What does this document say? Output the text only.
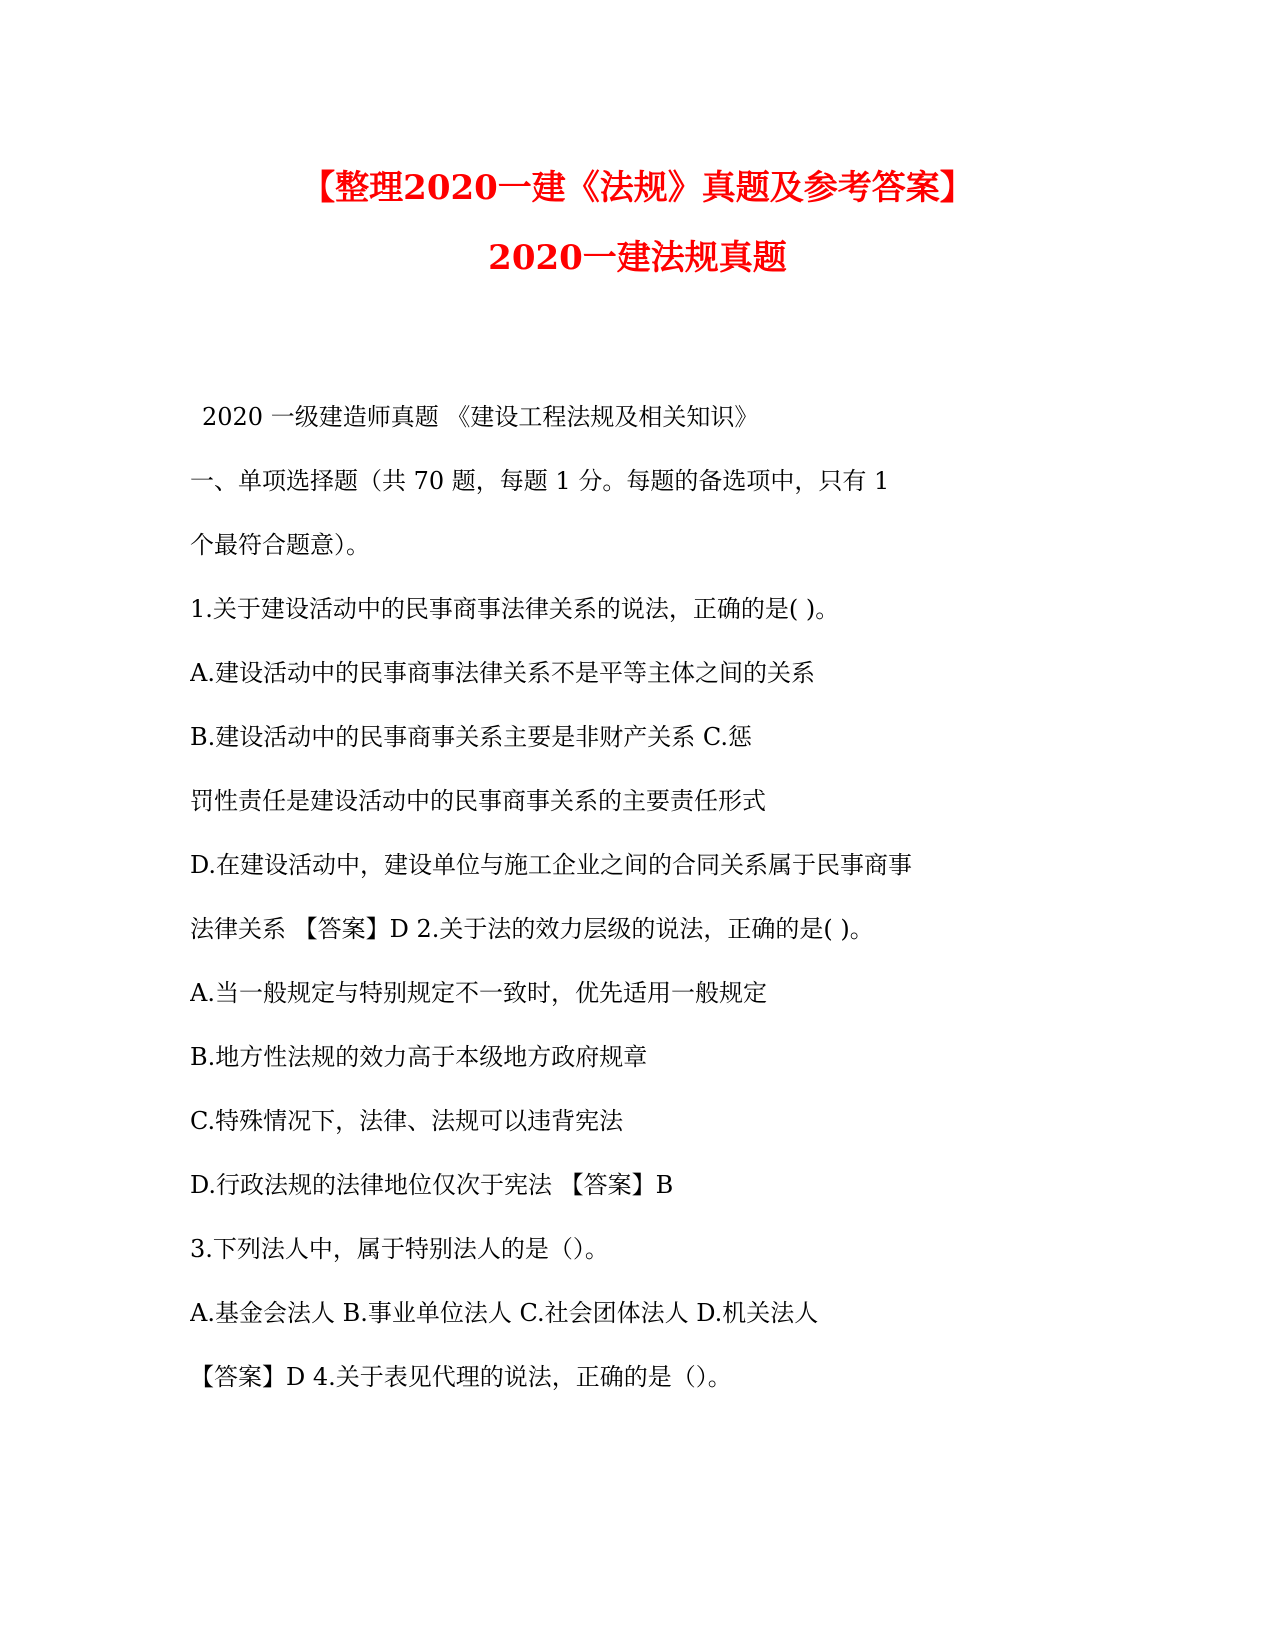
【整理2020一建《法规》真题及参考答案】
2020一建法规真题
2020 一级建造师真题 《建设工程法规及相关知识》
一、单项选择题（共 70 题，每题 1 分。每题的备选项中，只有 1
个最符合题意）。
1.关于建设活动中的民事商事法律关系的说法，正确的是( )。
A.建设活动中的民事商事法律关系不是平等主体之间的关系
B.建设活动中的民事商事关系主要是非财产关系 C.惩
罚性责任是建设活动中的民事商事关系的主要责任形式
D.在建设活动中，建设单位与施工企业之间的合同关系属于民事商事
法律关系 【答案】D 2.关于法的效力层级的说法，正确的是( )。
A.当一般规定与特别规定不一致时，优先适用一般规定
B.地方性法规的效力高于本级地方政府规章
C.特殊情况下，法律、法规可以违背宪法
D.行政法规的法律地位仅次于宪法 【答案】B
3.下列法人中，属于特别法人的是（）。
A.基金会法人 B.事业单位法人 C.社会团体法人 D.机关法人
【答案】D 4.关于表见代理的说法，正确的是（）。
